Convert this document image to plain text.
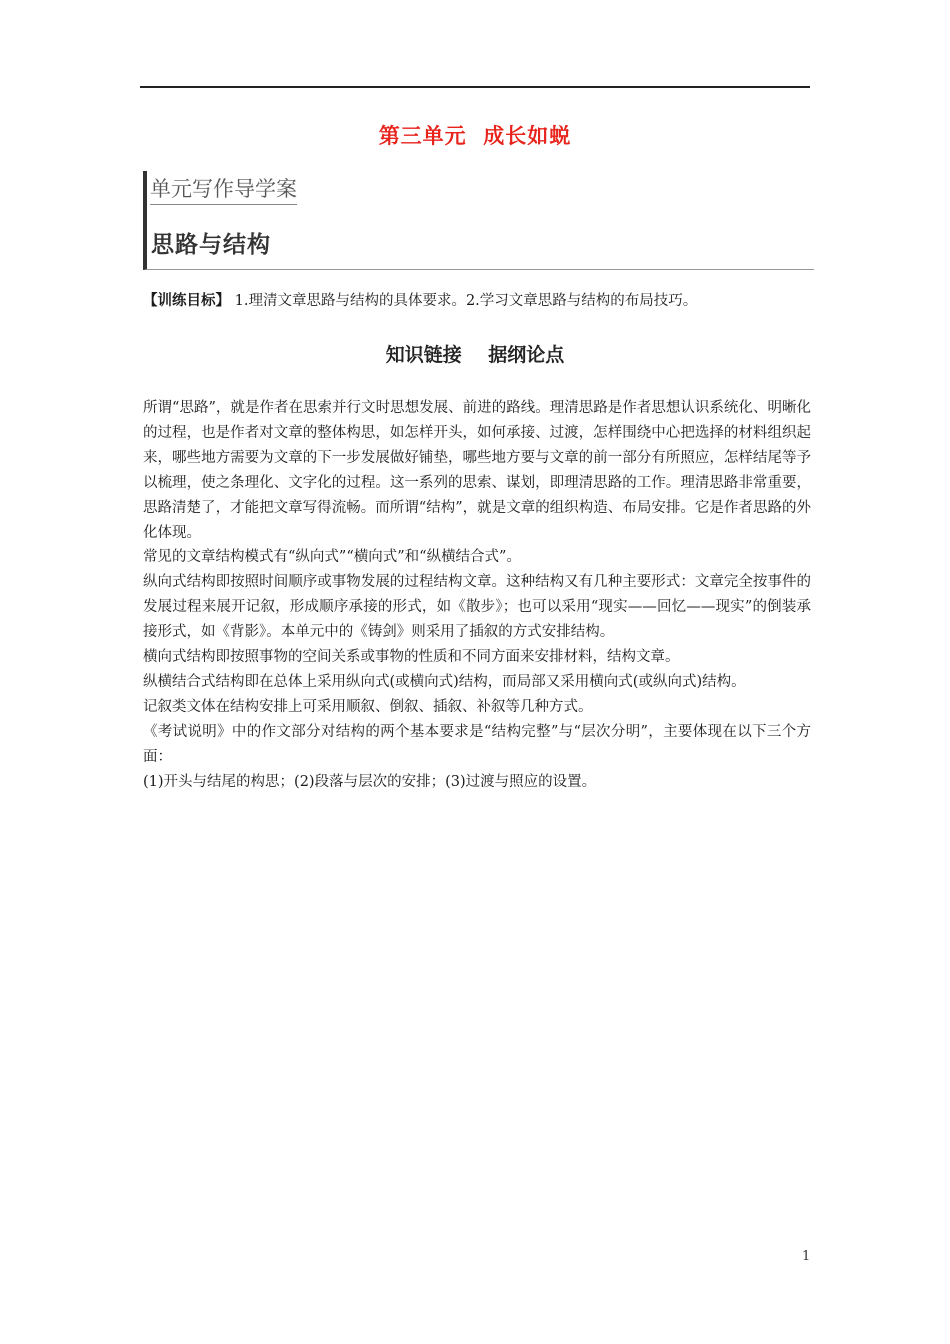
第三单元  成长如蜕
单元写作导学案
思路与结构
【训练目标】 1.理清文章思路与结构的具体要求。2.学习文章思路与结构的布局技巧。
知识链接    据纲论点

所谓“思路”，就是作者在思索并行文时思想发展、前进的路线。理清思路是作者思想认识系统化、明晰化的过程，也是作者对文章的整体构思，如怎样开头，如何承接、过渡，怎样围绕中心把选择的材料组织起来，哪些地方需要为文章的下一步发展做好铺垫，哪些地方要与文章的前一部分有所照应，怎样结尾等予以梳理，使之条理化、文字化的过程。这一系列的思索、谋划，即理清思路的工作。理清思路非常重要，思路清楚了，才能把文章写得流畅。而所谓“结构”，就是文章的组织构造、布局安排。它是作者思路的外化体现。

常见的文章结构模式有“纵向式”“横向式”和“纵横结合式”。

纵向式结构即按照时间顺序或事物发展的过程结构文章。这种结构又有几种主要形式：文章完全按事件的发展过程来展开记叙，形成顺序承接的形式，如《散步》；也可以采用“现实——回忆——现实”的倒装承接形式，如《背影》。本单元中的《铸剑》则采用了插叙的方式安排结构。

横向式结构即按照事物的空间关系或事物的性质和不同方面来安排材料，结构文章。

纵横结合式结构即在总体上采用纵向式(或横向式)结构，而局部又采用横向式(或纵向式)结构。

记叙类文体在结构安排上可采用顺叙、倒叙、插叙、补叙等几种方式。

《考试说明》中的作文部分对结构的两个基本要求是“结构完整”与“层次分明”，主要体现在以下三个方面：

(1)开头与结尾的构思；(2)段落与层次的安排；(3)过渡与照应的设置。

1
